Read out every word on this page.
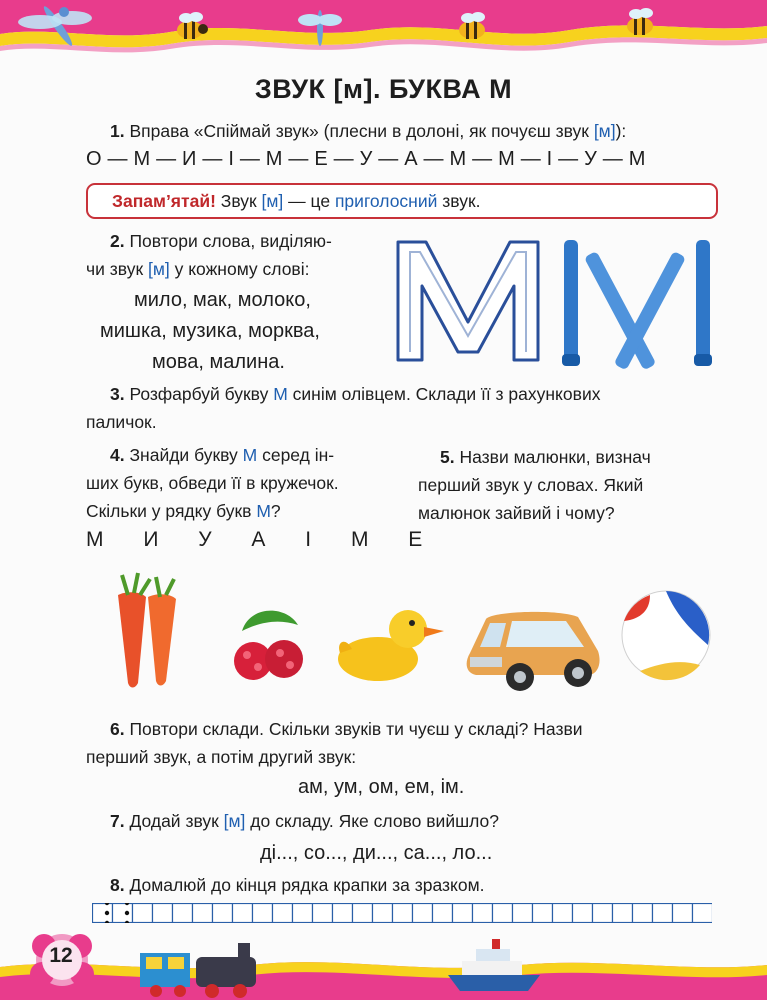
ЗВУК [м]. БУКВА М
1. Вправа «Спіймай звук» (плесни в долоні, як почуєш звук [м]):
О — М — И — І — М — Е — У — А — М — М — І — У — М
Запам’ятай! Звук [м] — це приголосний звук.
2. Повтори слова, виділяю-
чи звук [м] у кожному слові:
мило, мак, молоко,
мишка, музика, морква,
мова, малина.
3. Розфарбуй букву М синім олівцем. Склади її з рахункових
паличок.
4. Знайди букву М серед ін-
ших букв, обведи її в кружечок.
Скільки у рядку букв М?
М И У А І М Е
5. Назви малюнки, визнач
перший звук у словах. Який
малюнок зайвий і чому?
6. Повтори склади. Скільки звуків ти чуєш у складі? Назви
перший звук, а потім другий звук:
ам, ум, ом, ем, ім.
7. Додай звук [м] до складу. Яке слово вийшло?
ді..., со..., ди..., са..., ло...
8. Домалюй до кінця рядка крапки за зразком.
12
